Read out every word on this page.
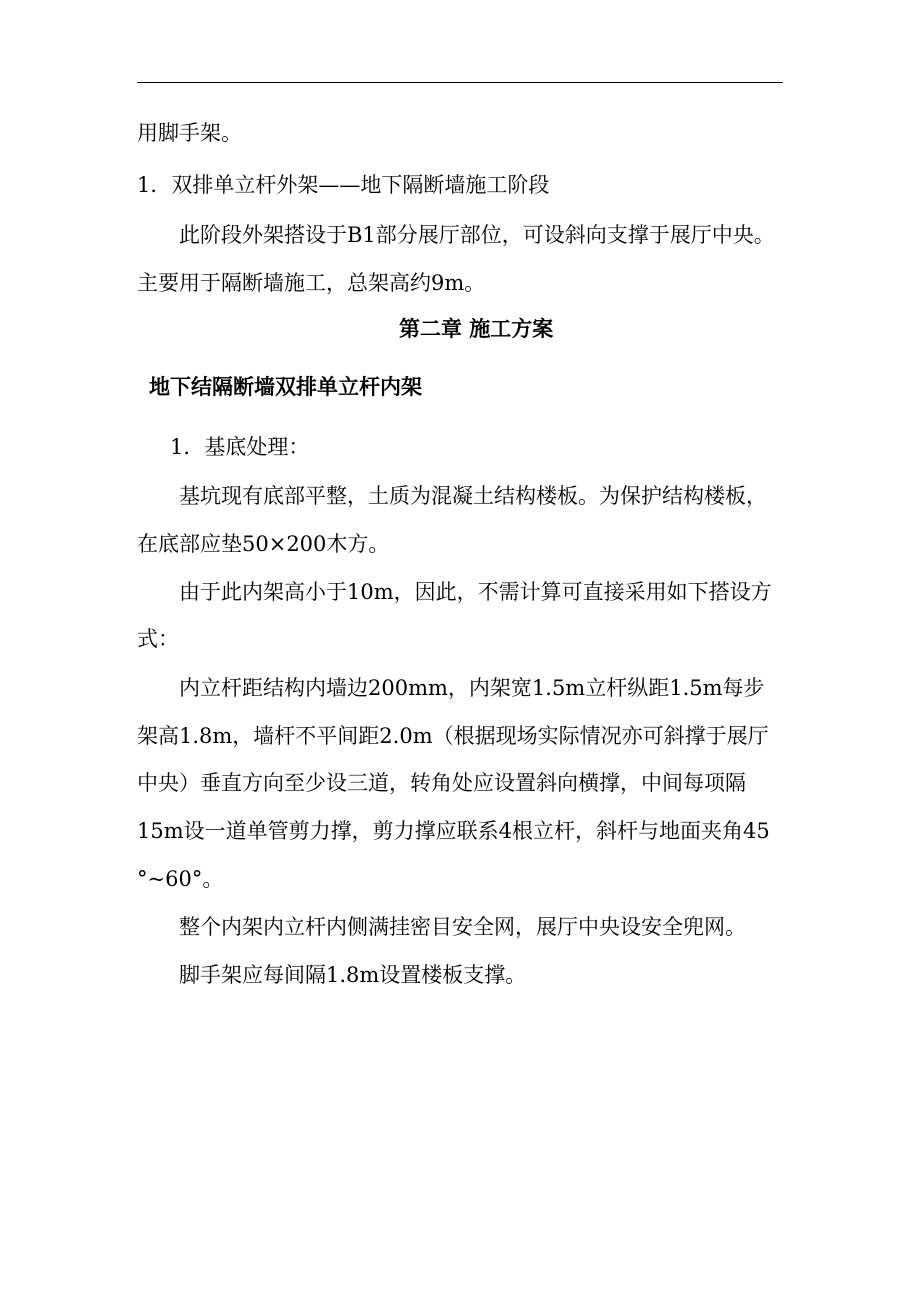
用脚手架。
1．双排单立杆外架——地下隔断墙施工阶段
此阶段外架搭设于B1部分展厅部位，可设斜向支撑于展厅中央。
主要用于隔断墙施工，总架高约9m。
第二章 施工方案
地下结隔断墙双排单立杆内架
1．基底处理：
基坑现有底部平整，土质为混凝土结构楼板。为保护结构楼板，
在底部应垫50×200木方。
由于此内架高小于10m，因此，不需计算可直接采用如下搭设方
式：
内立杆距结构内墙边200mm，内架宽1.5m立杆纵距1.5m每步
架高1.8m，墙杆不平间距2.0m（根据现场实际情况亦可斜撑于展厅
中央）垂直方向至少设三道，转角处应设置斜向横撑，中间每项隔
15m设一道单管剪力撑，剪力撑应联系4根立杆，斜杆与地面夹角45
°~60°。
整个内架内立杆内侧满挂密目安全网，展厅中央设安全兜网。
脚手架应每间隔1.8m设置楼板支撑。
